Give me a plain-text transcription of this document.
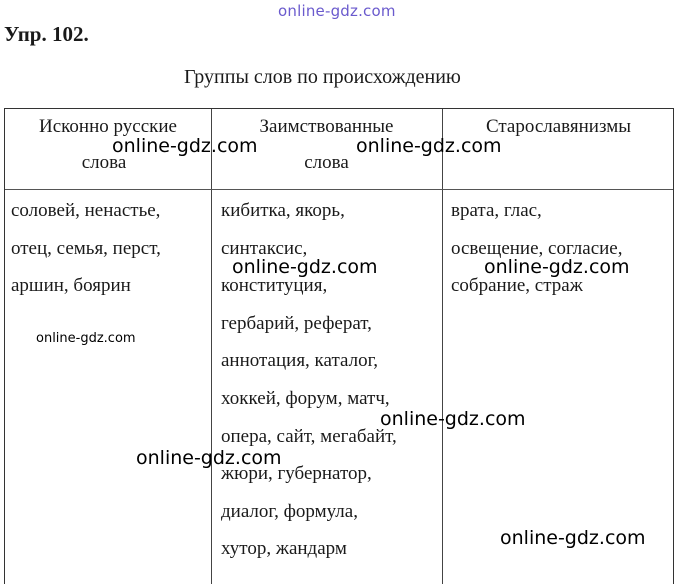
online-gdz.com
Упр. 102.
Группы слов по происхождению
Исконно русские
слова
Заимствованные
слова
Старославянизмы
соловей, ненастье,
отец, семья, перст,
аршин, боярин
кибитка, якорь,
синтаксис,
конституция,
гербарий, реферат,
аннотация, каталог,
хоккей, форум, матч,
опера, сайт, мегабайт,
жюри, губернатор,
диалог, формула,
хутор, жандарм
врата, глас,
освещение, согласие,
собрание, страж
online-gdz.com	online-gdz.com
online-gdz.com	online-gdz.com
online-gdz.com
online-gdz.com
online-gdz.com
online-gdz.com
